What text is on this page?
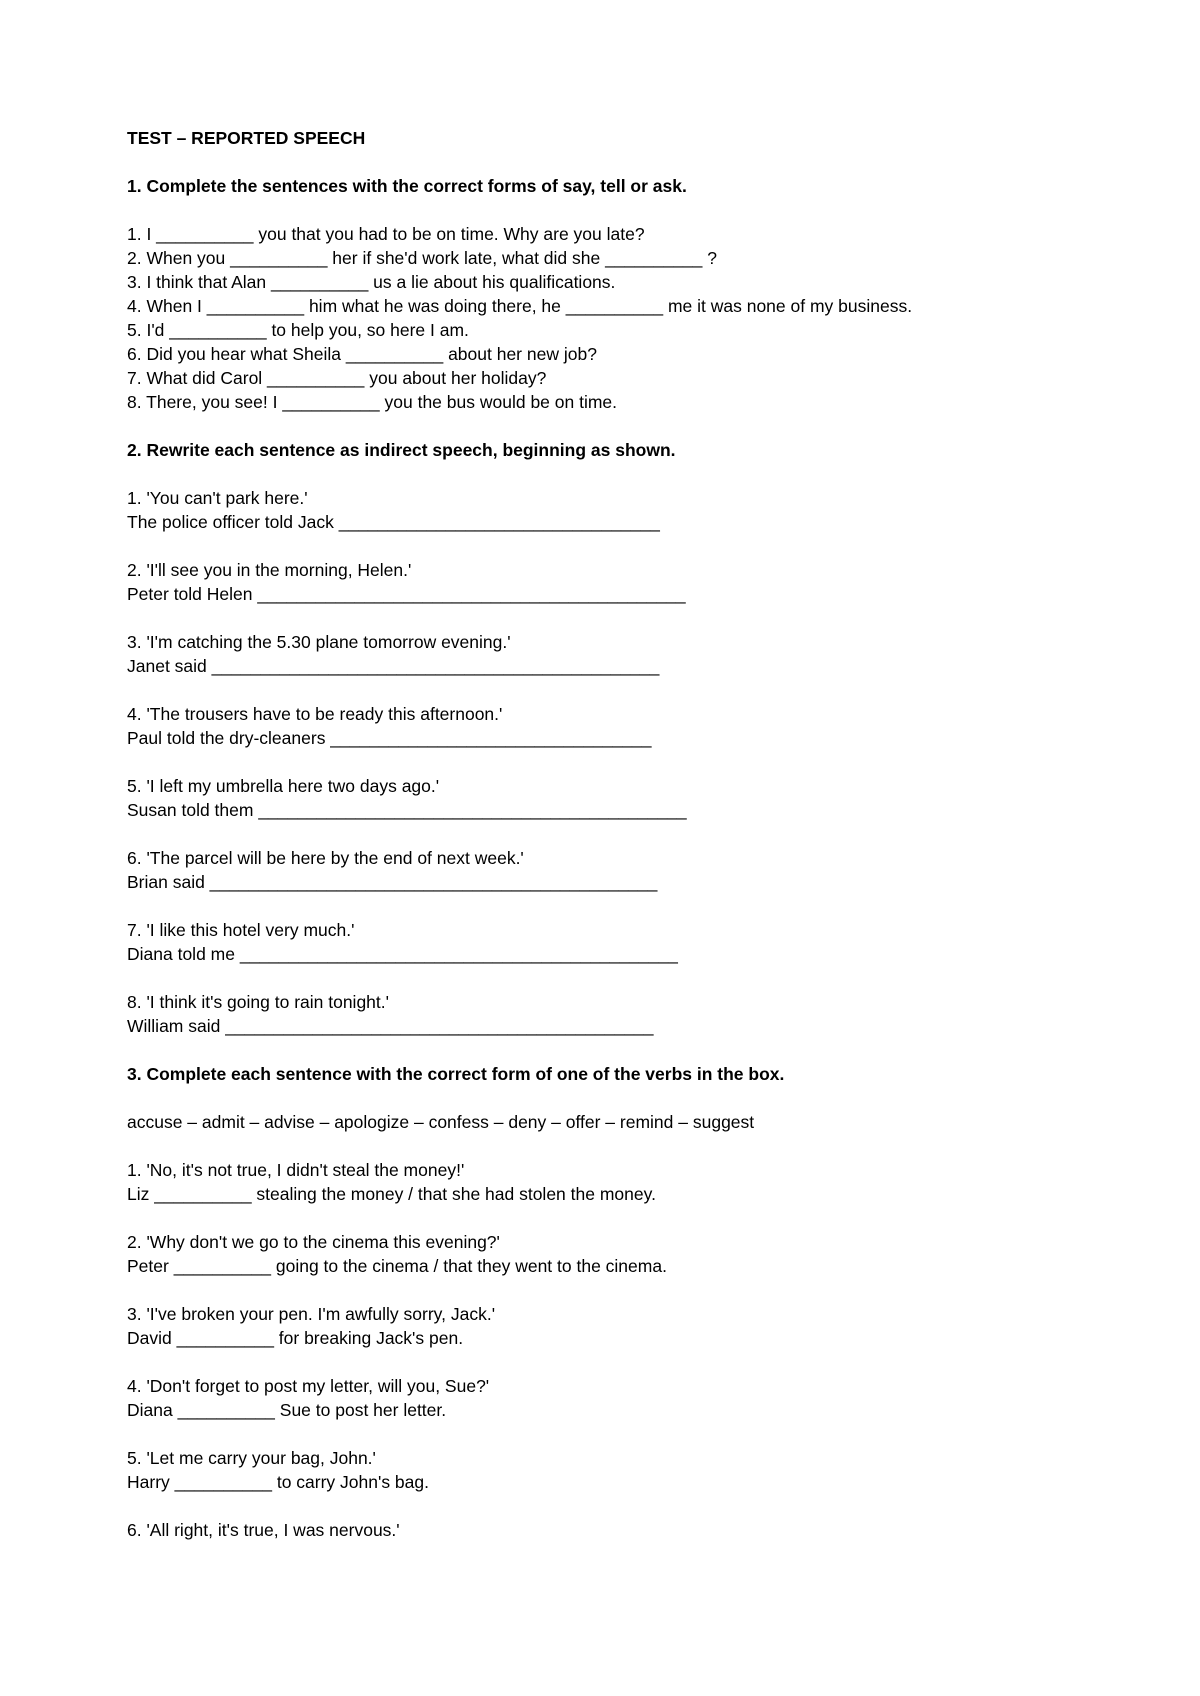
TEST – REPORTED SPEECH
1. Complete the sentences with the correct forms of say, tell or ask.
1. I __________ you that you had to be on time. Why are you late?
2. When you __________ her if she'd work late, what did she __________ ?
3. I think that Alan __________ us a lie about his qualifications.
4. When I __________ him what he was doing there, he __________ me it was none of my business.
5. I'd __________ to help you, so here I am.
6. Did you hear what Sheila __________ about her new job?
7. What did Carol __________ you about her holiday?
8. There, you see! I __________ you the bus would be on time.
2. Rewrite each sentence as indirect speech, beginning as shown.
1. 'You can't park here.'
The police officer told Jack _________________________________
2. 'I'll see you in the morning, Helen.'
Peter told Helen ____________________________________________
3. 'I'm catching the 5.30 plane tomorrow evening.'
Janet said ______________________________________________
4. 'The trousers have to be ready this afternoon.'
Paul told the dry-cleaners _________________________________
5. 'I left my umbrella here two days ago.'
Susan told them ____________________________________________
6. 'The parcel will be here by the end of next week.'
Brian said ______________________________________________
7. 'I like this hotel very much.'
Diana told me _____________________________________________
8. 'I think it's going to rain tonight.'
William said ____________________________________________
3. Complete each sentence with the correct form of one of the verbs in the box.
accuse – admit – advise – apologize – confess – deny – offer – remind – suggest
1. 'No, it's not true, I didn't steal the money!'
Liz __________ stealing the money / that she had stolen the money.
2. 'Why don't we go to the cinema this evening?'
Peter __________ going to the cinema / that they went to the cinema.
3. 'I've broken your pen. I'm awfully sorry, Jack.'
David __________ for breaking Jack's pen.
4. 'Don't forget to post my letter, will you, Sue?'
Diana __________ Sue to post her letter.
5. 'Let me carry your bag, John.'
Harry __________ to carry John's bag.
6. 'All right, it's true, I was nervous.'
